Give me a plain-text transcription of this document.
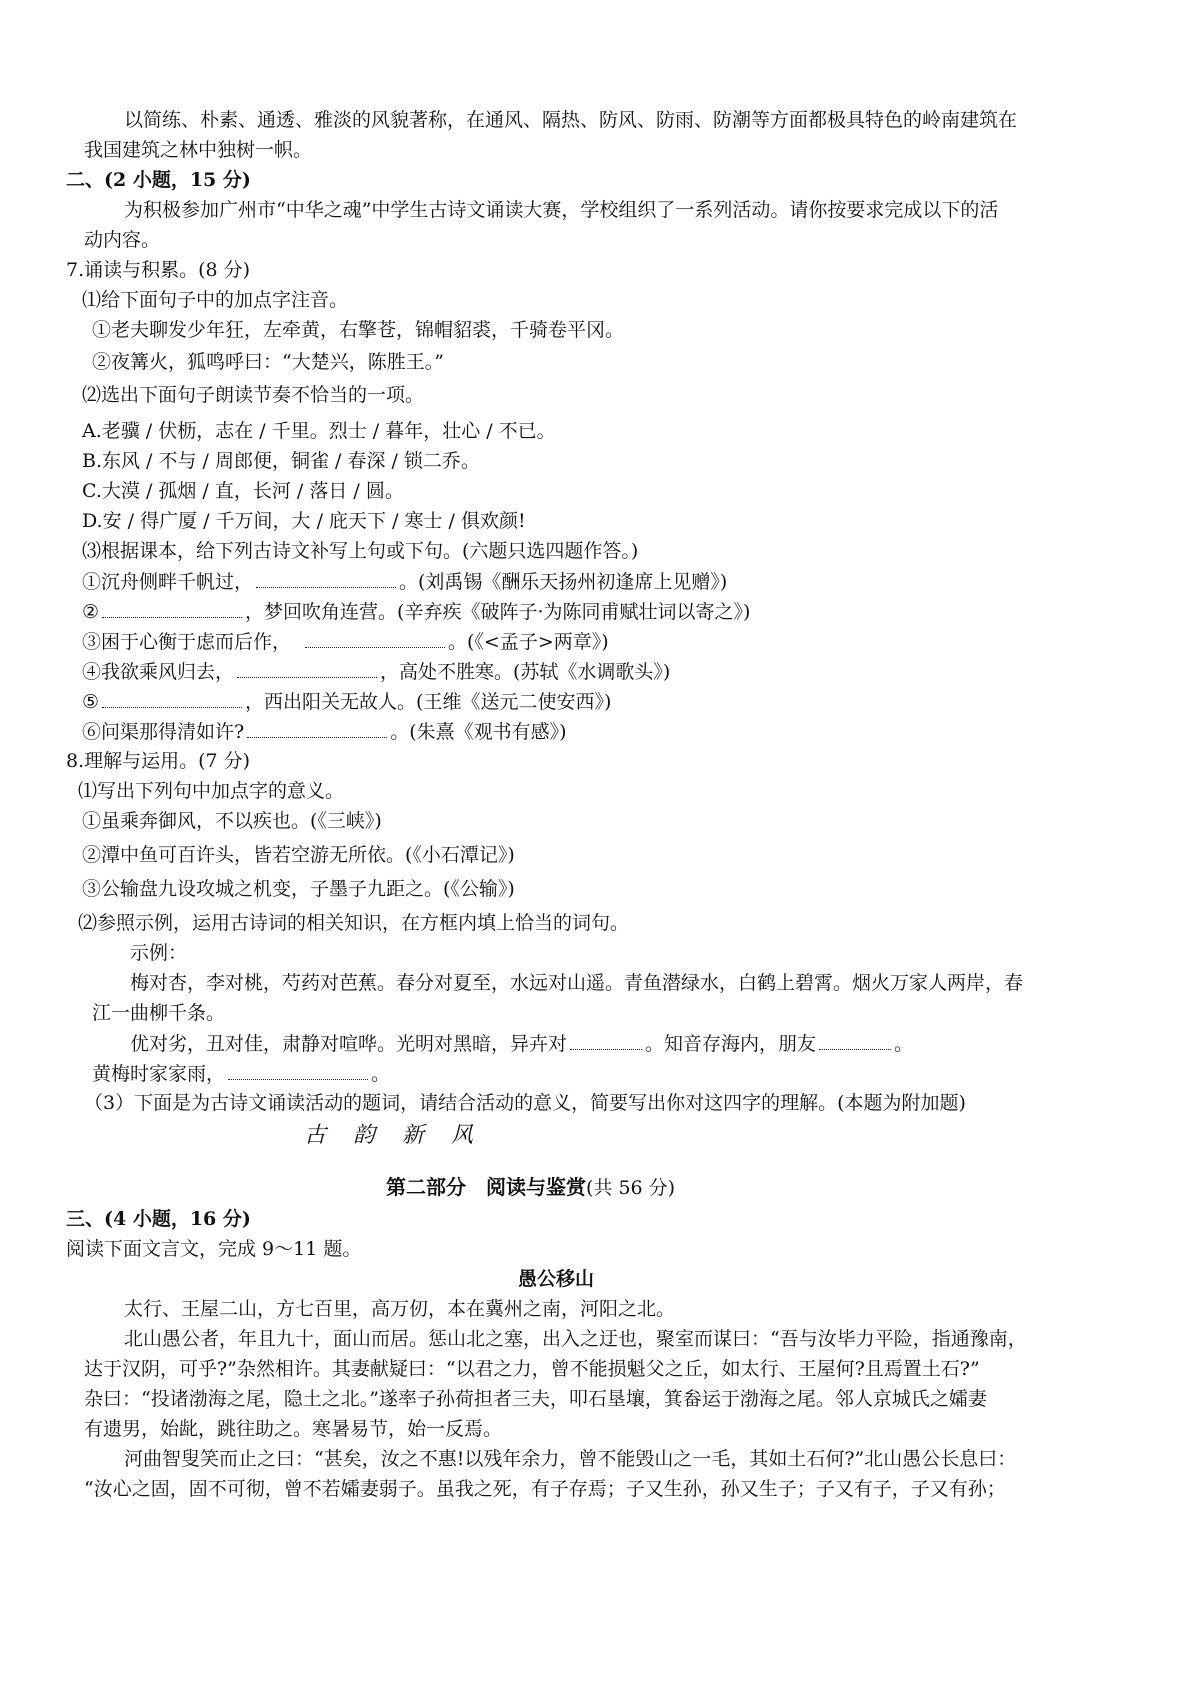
以简练、朴素、通透、雅淡的风貌著称，在通风、隔热、防风、防雨、防潮等方面都极具特色的岭南建筑在
我国建筑之林中独树一帜。
二、(2 小题，15 分)
为积极参加广州市“中华之魂”中学生古诗文诵读大赛，学校组织了一系列活动。请你按要求完成以下的活
动内容。
7.诵读与积累。(8 分)
⑴给下面句子中的加点字注音。
①老夫聊发少年狂，左牵黄，右擎苍，锦帽貂裘，千骑卷平冈。
②夜篝火，狐鸣呼曰：“大楚兴，陈胜王。”
⑵选出下面句子朗读节奏不恰当的一项。
A.老骥 / 伏枥，志在 / 千里。烈士 / 暮年，壮心 / 不已。
B.东风 / 不与 / 周郎便，铜雀 / 春深 / 锁二乔。
C.大漠 / 孤烟 / 直，长河 / 落日 / 圆。
D.安 / 得广厦 / 千万间，大 / 庇天下 / 寒士 / 俱欢颜!
⑶根据课本，给下列古诗文补写上句或下句。(六题只选四题作答。)
①沉舟侧畔千帆过，	。(刘禹锡《酬乐天扬州初逢席上见赠》)
②	，梦回吹角连营。(辛弃疾《破阵子·为陈同甫赋壮词以寄之》)
③困于心衡于虑而后作，	。(《<孟子>两章》)
④我欲乘风归去，	，高处不胜寒。(苏轼《水调歌头》)
⑤	，西出阳关无故人。(王维《送元二使安西》)
⑥问渠那得清如许?	。(朱熹《观书有感》)
8.理解与运用。(7 分)
⑴写出下列句中加点字的意义。
①虽乘奔御风，不以疾也。(《三峡》)
②潭中鱼可百许头，皆若空游无所依。(《小石潭记》)
③公输盘九设攻城之机变，子墨子九距之。(《公输》)
⑵参照示例，运用古诗词的相关知识，在方框内填上恰当的词句。
示例：
梅对杏，李对桃，芍药对芭蕉。春分对夏至，水远对山遥。青鱼潜绿水，白鹤上碧霄。烟火万家人两岸，春
江一曲柳千条。
优对劣，丑对佳，肃静对喧哗。光明对黑暗，异卉对	。知音存海内，朋友	。
黄梅时家家雨，	。
（3）下面是为古诗文诵读活动的题词，请结合活动的意义，简要写出你对这四字的理解。(本题为附加题)
古 韵 新 风
第二部分　阅读与鉴赏(共 56 分)
三、(4 小题，16 分)
阅读下面文言文，完成 9～11 题。
愚公移山
太行、王屋二山，方七百里，高万仞，本在冀州之南，河阳之北。
北山愚公者，年且九十，面山而居。惩山北之塞，出入之迂也，聚室而谋曰：“吾与汝毕力平险，指通豫南，
达于汉阴，可乎?”杂然相许。其妻献疑曰：“以君之力，曾不能损魁父之丘，如太行、王屋何?且焉置土石?”
杂曰：“投诸渤海之尾，隐土之北。”遂率子孙荷担者三夫，叩石垦壤，箕畚运于渤海之尾。邻人京城氏之孀妻
有遗男，始龀，跳往助之。寒暑易节，始一反焉。
河曲智叟笑而止之曰：“甚矣，汝之不惠!以残年余力，曾不能毁山之一毛，其如土石何?”北山愚公长息曰：
“汝心之固，固不可彻，曾不若孀妻弱子。虽我之死，有子存焉；子又生孙，孙又生子；子又有子，子又有孙；
